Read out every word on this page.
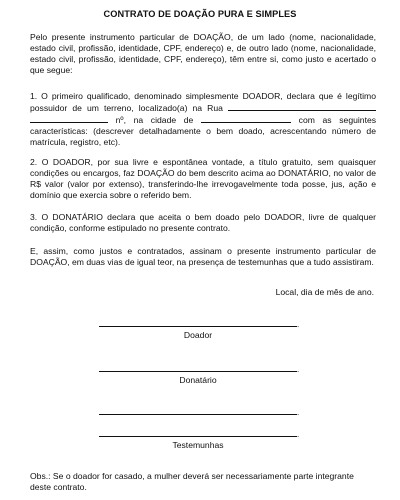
CONTRATO DE DOAÇÃO PURA E SIMPLES
Pelo presente instrumento particular de DOAÇÃO, de um lado (nome, nacionalidade, estado civil, profissão, identidade, CPF, endereço) e, de outro lado (nome, nacionalidade, estado civil, profissão, identidade, CPF, endereço), têm entre si, como justo e acertado o que segue:
1. O primeiro qualificado, denominado simplesmente DOADOR, declara que é legítimo possuidor de um terreno, localizado(a) na Rua   nº, na cidade de	com as seguintes características: (descrever detalhadamente o bem doado, acrescentando número de matrícula, registro, etc).
2. O DOADOR, por sua livre e espontânea vontade, a título gratuito, sem quaisquer condições ou encargos, faz DOAÇÃO do bem descrito acima ao DONATÁRIO, no valor de R$ valor (valor por extenso), transferindo-lhe irrevogavelmente toda posse, jus, ação e domínio que exercia sobre o referido bem.
3. O DONATÁRIO declara que aceita o bem doado pelo DOADOR, livre de qualquer condição, conforme estipulado no presente contrato.
E, assim, como justos e contratados, assinam o presente instrumento particular de DOAÇÃO, em duas vias de igual teor, na presença de testemunhas que a tudo assistiram.
Local, dia de mês de ano.
.
Doador
.
Donatário
.
.
Testemunhas
Obs.: Se o doador for casado, a mulher deverá ser necessariamente parte integrante deste contrato.
